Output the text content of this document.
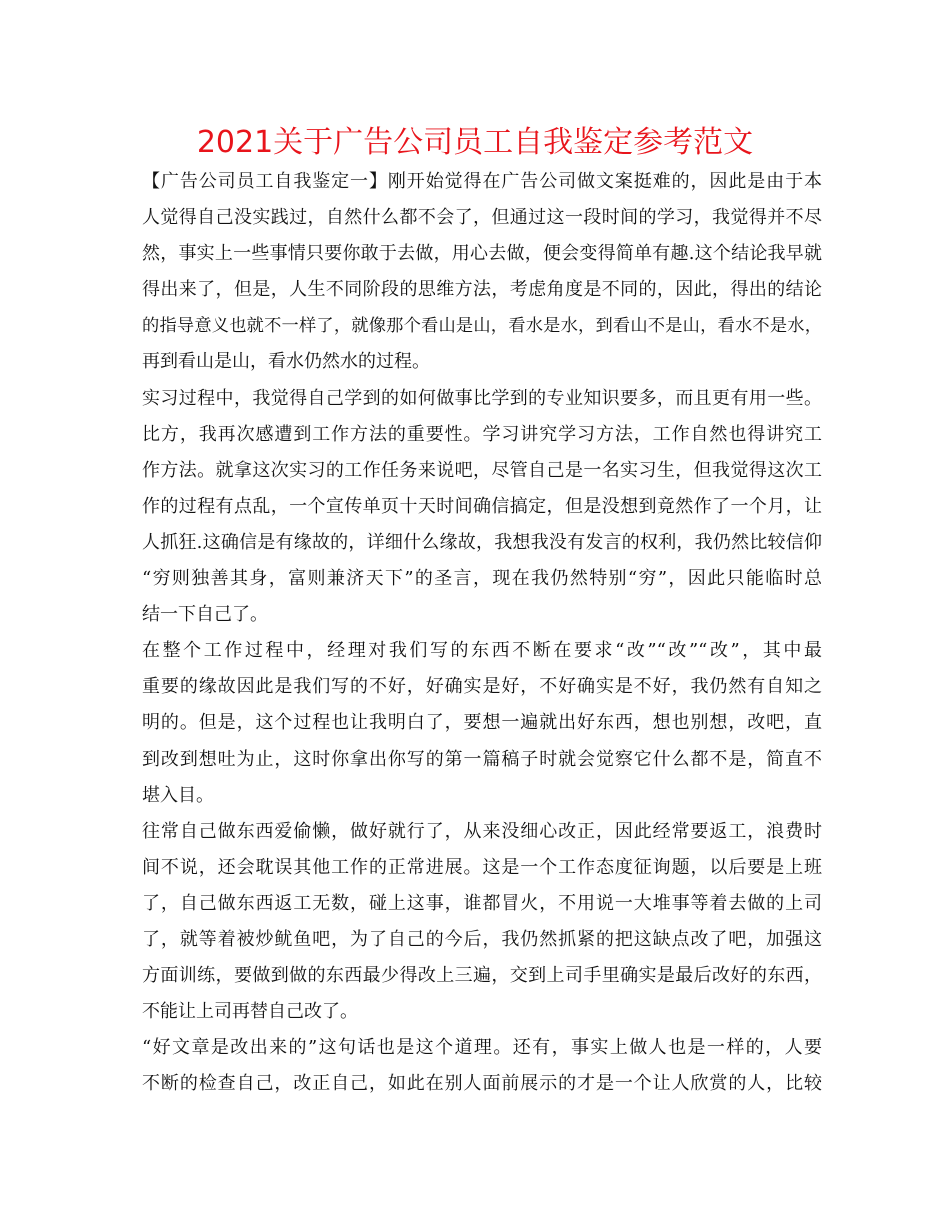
2021关于广告公司员工自我鉴定参考范文
【广告公司员工自我鉴定一】刚开始觉得在广告公司做文案挺难的，因此是由于本
人觉得自己没实践过，自然什么都不会了，但通过这一段时间的学习，我觉得并不尽
然，事实上一些事情只要你敢于去做，用心去做，便会变得简单有趣.这个结论我早就
得出来了，但是，人生不同阶段的思维方法，考虑角度是不同的，因此，得出的结论
的指导意义也就不一样了，就像那个看山是山，看水是水，到看山不是山，看水不是水，
再到看山是山，看水仍然水的过程。
实习过程中，我觉得自己学到的如何做事比学到的专业知识要多，而且更有用一些。
比方，我再次感遭到工作方法的重要性。学习讲究学习方法，工作自然也得讲究工
作方法。就拿这次实习的工作任务来说吧，尽管自己是一名实习生，但我觉得这次工
作的过程有点乱，一个宣传单页十天时间确信搞定，但是没想到竟然作了一个月，让
人抓狂.这确信是有缘故的，详细什么缘故，我想我没有发言的权利，我仍然比较信仰
“穷则独善其身，富则兼济天下”的圣言，现在我仍然特别“穷”，因此只能临时总
结一下自己了。
在整个工作过程中，经理对我们写的东西不断在要求“改”“改”“改”，其中最
重要的缘故因此是我们写的不好，好确实是好，不好确实是不好，我仍然有自知之
明的。但是，这个过程也让我明白了，要想一遍就出好东西，想也别想，改吧，直
到改到想吐为止，这时你拿出你写的第一篇稿子时就会觉察它什么都不是，简直不
堪入目。
往常自己做东西爱偷懒，做好就行了，从来没细心改正，因此经常要返工，浪费时
间不说，还会耽误其他工作的正常进展。这是一个工作态度征询题，以后要是上班
了，自己做东西返工无数，碰上这事，谁都冒火，不用说一大堆事等着去做的上司
了，就等着被炒鱿鱼吧，为了自己的今后，我仍然抓紧的把这缺点改了吧，加强这
方面训练，要做到做的东西最少得改上三遍，交到上司手里确实是最后改好的东西，
不能让上司再替自己改了。
“好文章是改出来的”这句话也是这个道理。还有，事实上做人也是一样的，人要
不断的检查自己，改正自己，如此在别人面前展示的才是一个让人欣赏的人，比较
